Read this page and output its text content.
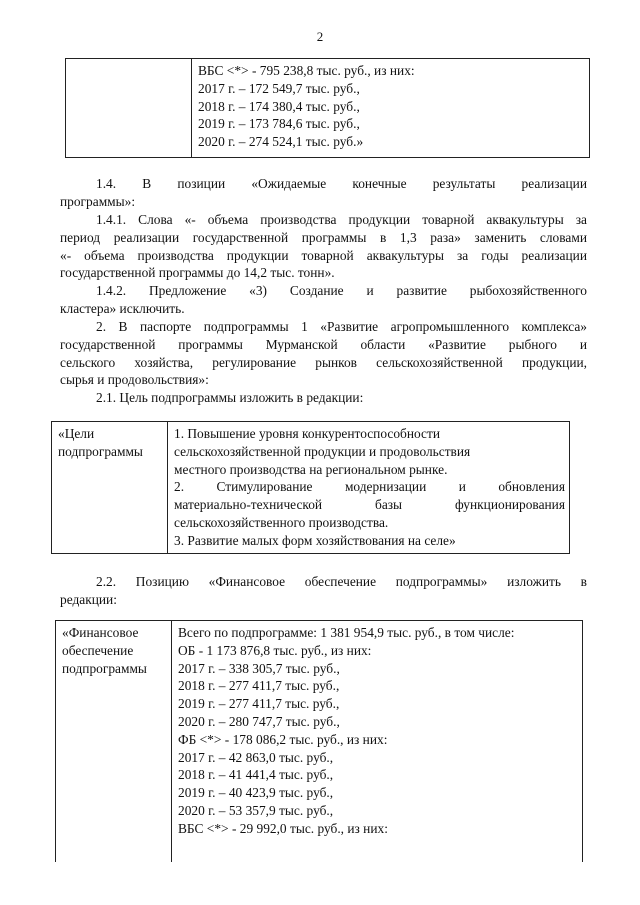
2

ВБС <*> - 795 238,8 тыс. руб., из них:
2017 г. – 172 549,7 тыс. руб.,
2018 г. – 174 380,4 тыс. руб.,
2019 г. – 173 784,6 тыс. руб.,
2020 г. – 274 524,1 тыс. руб.»
1.4. В позиции «Ожидаемые конечные результаты реализации
программы»:
1.4.1. Слова «- объема производства продукции товарной аквакультуры за
период реализации государственной программы в 1,3 раза» заменить словами
«- объема производства продукции товарной аквакультуры за годы реализации
государственной программы до 14,2 тыс. тонн».
1.4.2. Предложение «3) Создание и развитие рыбохозяйственного
кластера» исключить.
2. В паспорте подпрограммы 1 «Развитие агропромышленного комплекса»
государственной программы Мурманской области «Развитие рыбного и
сельского хозяйства, регулирование рынков сельскохозяйственной продукции,
сырья и продовольствия»:
2.1. Цель подпрограммы изложить в редакции:
«Цели
подпрограммы

1. Повышение уровня конкурентоспособности
сельскохозяйственной продукции и продовольствия
местного производства на региональном рынке.
2. Стимулирование модернизации и обновления
материально-технической базы функционирования
сельскохозяйственного производства.
3. Развитие малых форм хозяйствования на селе»
2.2. Позицию «Финансовое обеспечение подпрограммы» изложить в
редакции:
«Финансовое
обеспечение
подпрограммы

Всего по подпрограмме: 1 381 954,9 тыс. руб., в том числе:
ОБ - 1 173 876,8 тыс. руб., из них:
2017 г. – 338 305,7 тыс. руб.,
2018 г. – 277 411,7 тыс. руб.,
2019 г. – 277 411,7 тыс. руб.,
2020 г. – 280 747,7 тыс. руб.,
ФБ <*> - 178 086,2 тыс. руб., из них:
2017 г. – 42 863,0 тыс. руб.,
2018 г. – 41 441,4 тыс. руб.,
2019 г. – 40 423,9 тыс. руб.,
2020 г. – 53 357,9 тыс. руб.,
ВБС <*> - 29 992,0 тыс. руб., из них:
